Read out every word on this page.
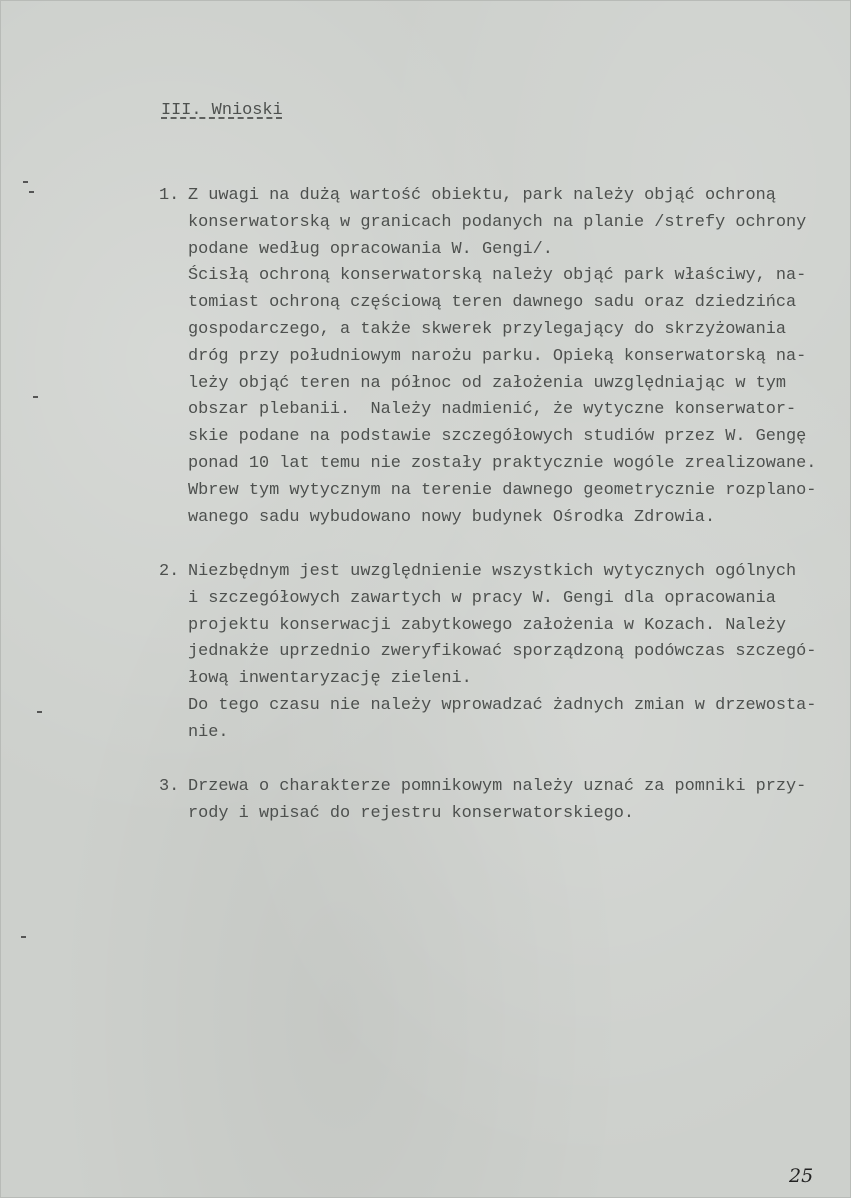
III. Wnioski
1. Z uwagi na dużą wartość obiektu, park należy objąć ochroną
konserwatorską w granicach podanych na planie /strefy ochrony
podane według opracowania W. Gengi/.
Ścisłą ochroną konserwatorską należy objąć park właściwy, na-
tomiast ochroną częściową teren dawnego sadu oraz dziedzińca
gospodarczego, a także skwerek przylegający do skrzyżowania
dróg przy południowym narożu parku. Opieką konserwatorską na-
leży objąć teren na północ od założenia uwzględniając w tym
obszar plebanii.  Należy nadmienić, że wytyczne konserwator-
skie podane na podstawie szczegółowych studiów przez W. Gengę
ponad 10 lat temu nie zostały praktycznie wogóle zrealizowane.
Wbrew tym wytycznym na terenie dawnego geometrycznie rozplano-
wanego sadu wybudowano nowy budynek Ośrodka Zdrowia.
2. Niezbędnym jest uwzględnienie wszystkich wytycznych ogólnych
i szczegółowych zawartych w pracy W. Gengi dla opracowania
projektu konserwacji zabytkowego założenia w Kozach. Należy
jednakże uprzednio zweryfikować sporządzoną podówczas szczegó-
łową inwentaryzację zieleni.
Do tego czasu nie należy wprowadzać żadnych zmian w drzewosta-
nie.
3. Drzewa o charakterze pomnikowym należy uznać za pomniki przy-
rody i wpisać do rejestru konserwatorskiego.
25
